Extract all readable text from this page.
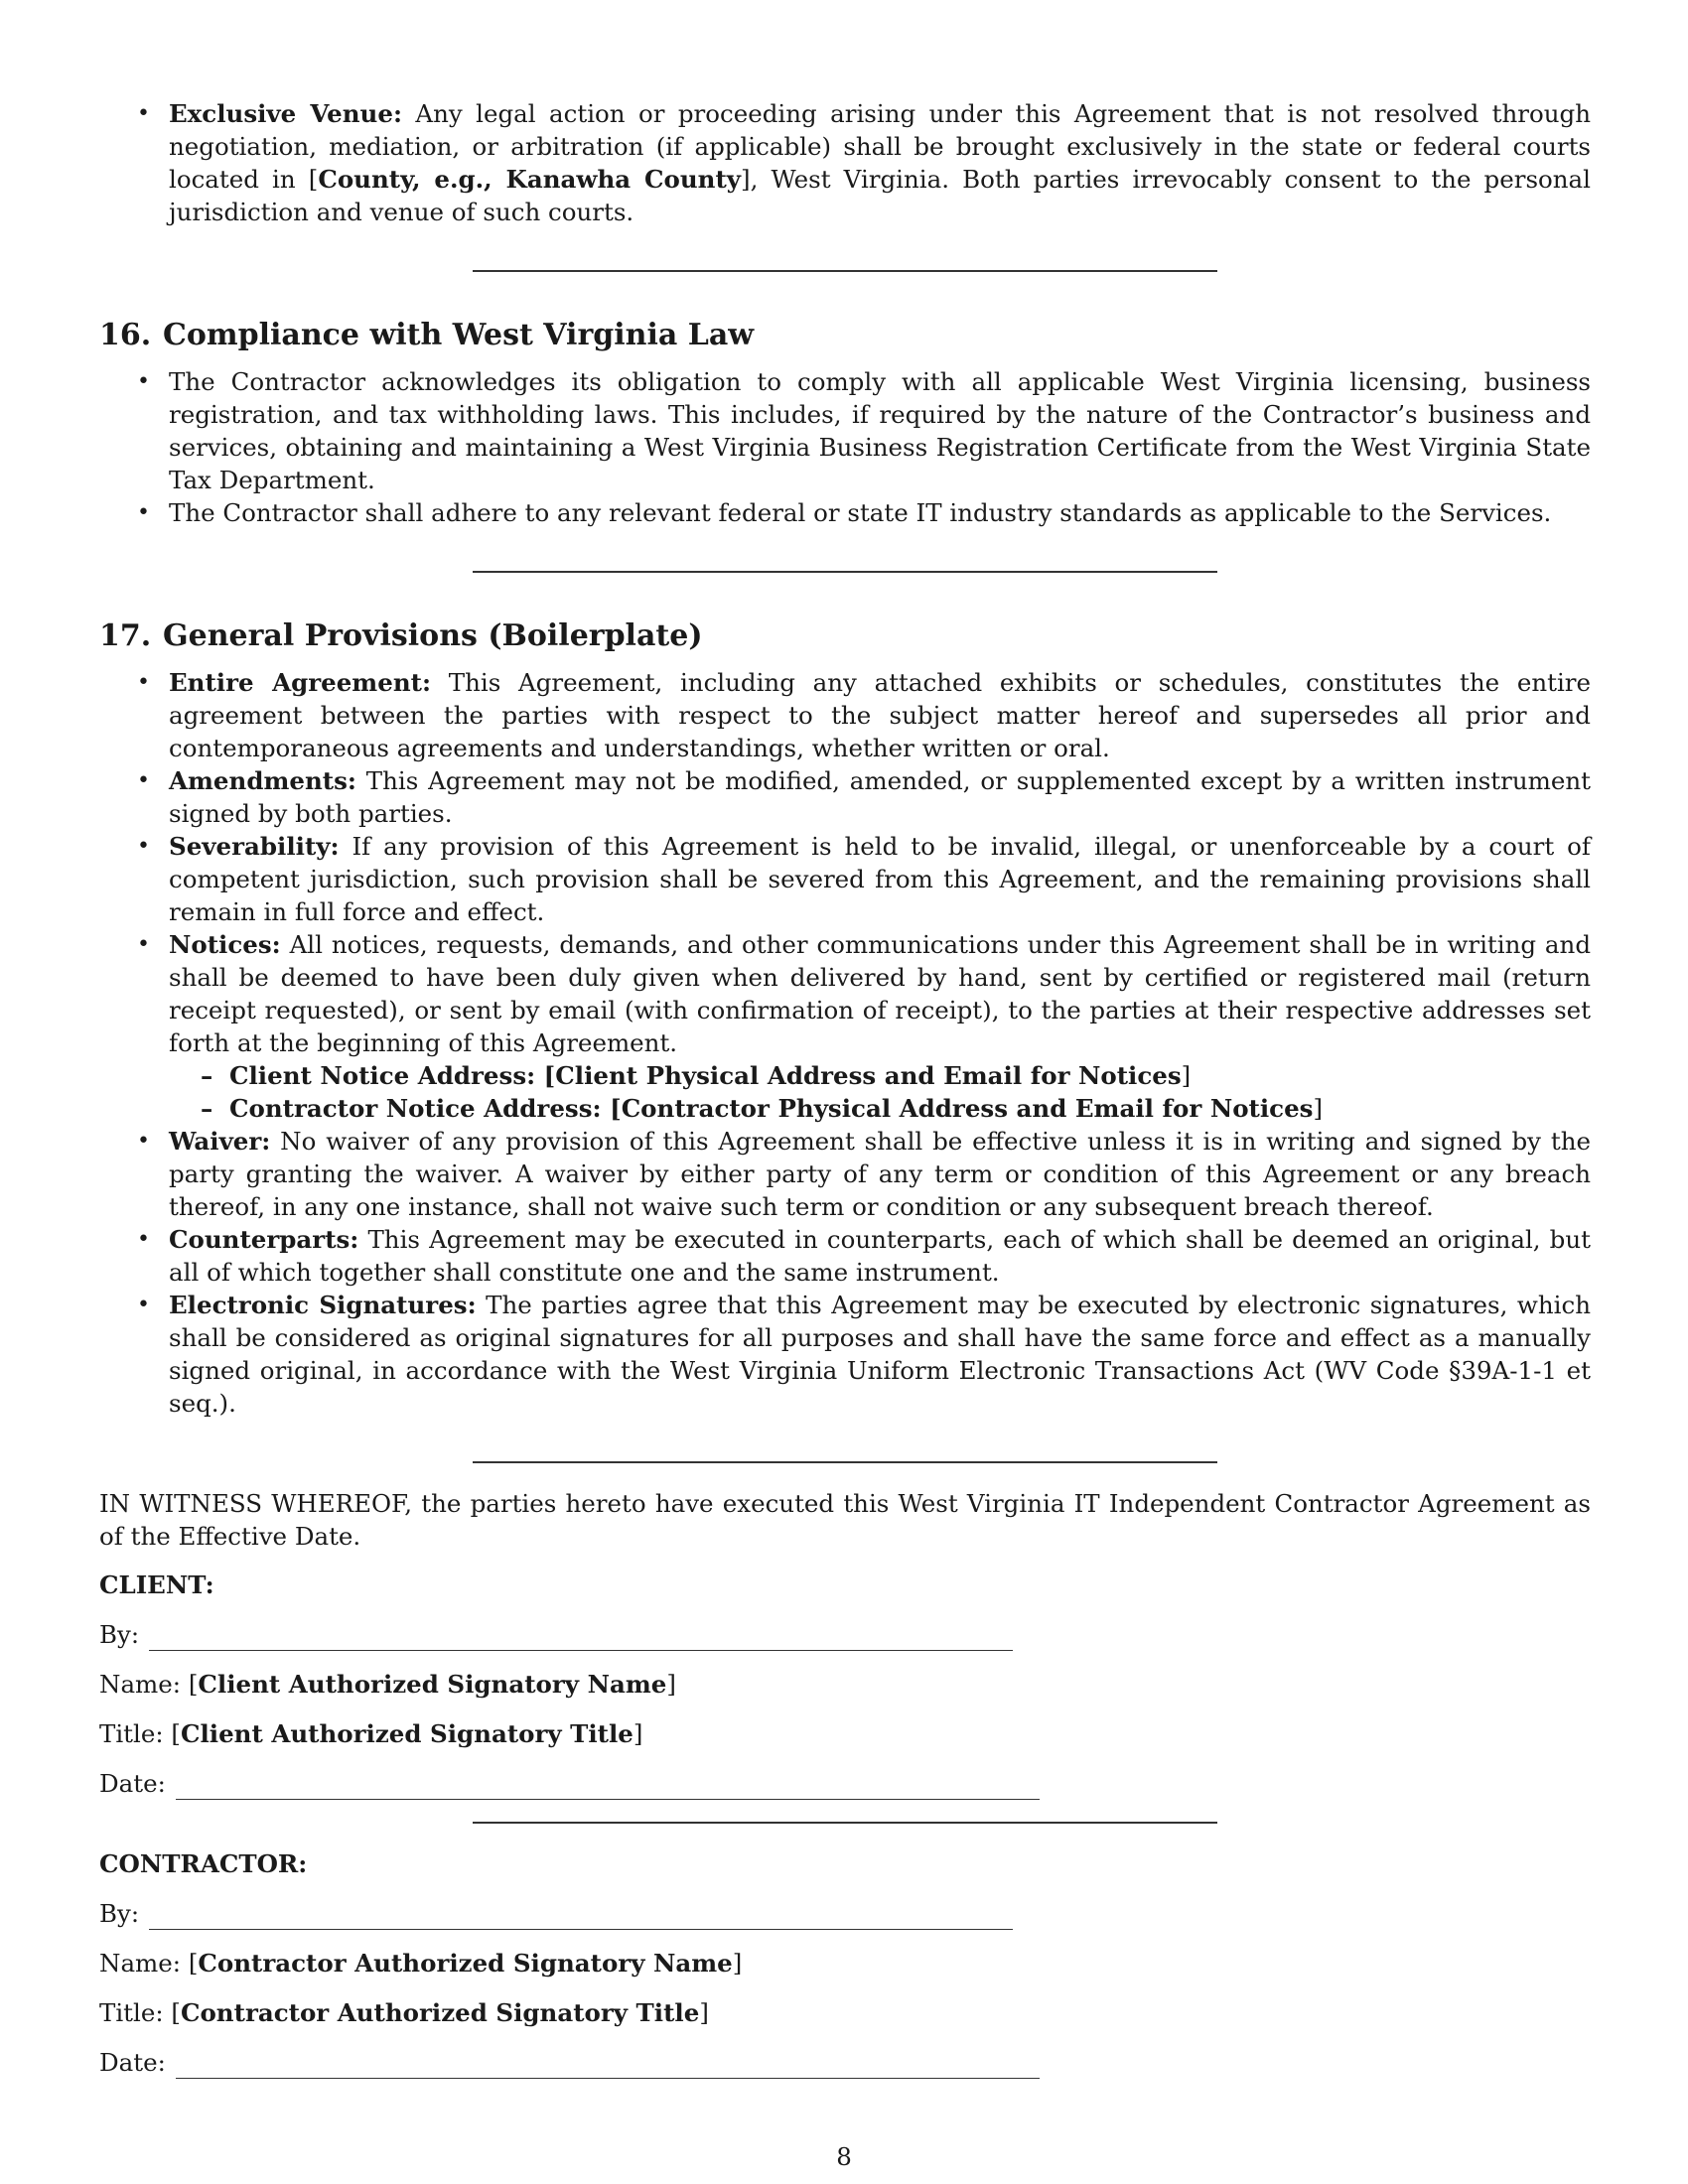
• Exclusive Venue: Any legal action or proceeding arising under this Agreement that is not resolved through negotiation, mediation, or arbitration (if applicable) shall be brought exclusively in the state or federal courts located in [County, e.g., Kanawha County], West Virginia. Both parties irrevocably consent to the personal jurisdiction and venue of such courts.
16. Compliance with West Virginia Law
• The Contractor acknowledges its obligation to comply with all applicable West Virginia licensing, business registration, and tax withholding laws. This includes, if required by the nature of the Contractor’s business and services, obtaining and maintaining a West Virginia Business Registration Certificate from the West Virginia State Tax Department.
• The Contractor shall adhere to any relevant federal or state IT industry standards as applicable to the Services.
17. General Provisions (Boilerplate)
• Entire Agreement: This Agreement, including any attached exhibits or schedules, constitutes the entire agreement between the parties with respect to the subject matter hereof and supersedes all prior and contemporaneous agreements and understandings, whether written or oral.
• Amendments: This Agreement may not be modified, amended, or supplemented except by a written instrument signed by both parties.
• Severability: If any provision of this Agreement is held to be invalid, illegal, or unenforceable by a court of competent jurisdiction, such provision shall be severed from this Agreement, and the remaining provisions shall remain in full force and effect.
• Notices: All notices, requests, demands, and other communications under this Agreement shall be in writing and shall be deemed to have been duly given when delivered by hand, sent by certified or registered mail (return receipt requested), or sent by email (with confirmation of receipt), to the parties at their respective addresses set forth at the beginning of this Agreement.
– Client Notice Address: [Client Physical Address and Email for Notices]
– Contractor Notice Address: [Contractor Physical Address and Email for Notices]
• Waiver: No waiver of any provision of this Agreement shall be effective unless it is in writing and signed by the party granting the waiver. A waiver by either party of any term or condition of this Agreement or any breach thereof, in any one instance, shall not waive such term or condition or any subsequent breach thereof.
• Counterparts: This Agreement may be executed in counterparts, each of which shall be deemed an original, but all of which together shall constitute one and the same instrument.
• Electronic Signatures: The parties agree that this Agreement may be executed by electronic signatures, which shall be considered as original signatures for all purposes and shall have the same force and effect as a manually signed original, in accordance with the West Virginia Uniform Electronic Transactions Act (WV Code §39A-1-1 et seq.).

IN WITNESS WHEREOF, the parties hereto have executed this West Virginia IT Independent Contractor Agreement as of the Effective Date.

CLIENT:
By:
Name: [ Client Authorized Signatory Name ]
Title: [ Client Authorized Signatory Title ]
Date:
CONTRACTOR:
By:
Name: [ Contractor Authorized Signatory Name ]
Title: [ Contractor Authorized Signatory Title ]
Date:
8
